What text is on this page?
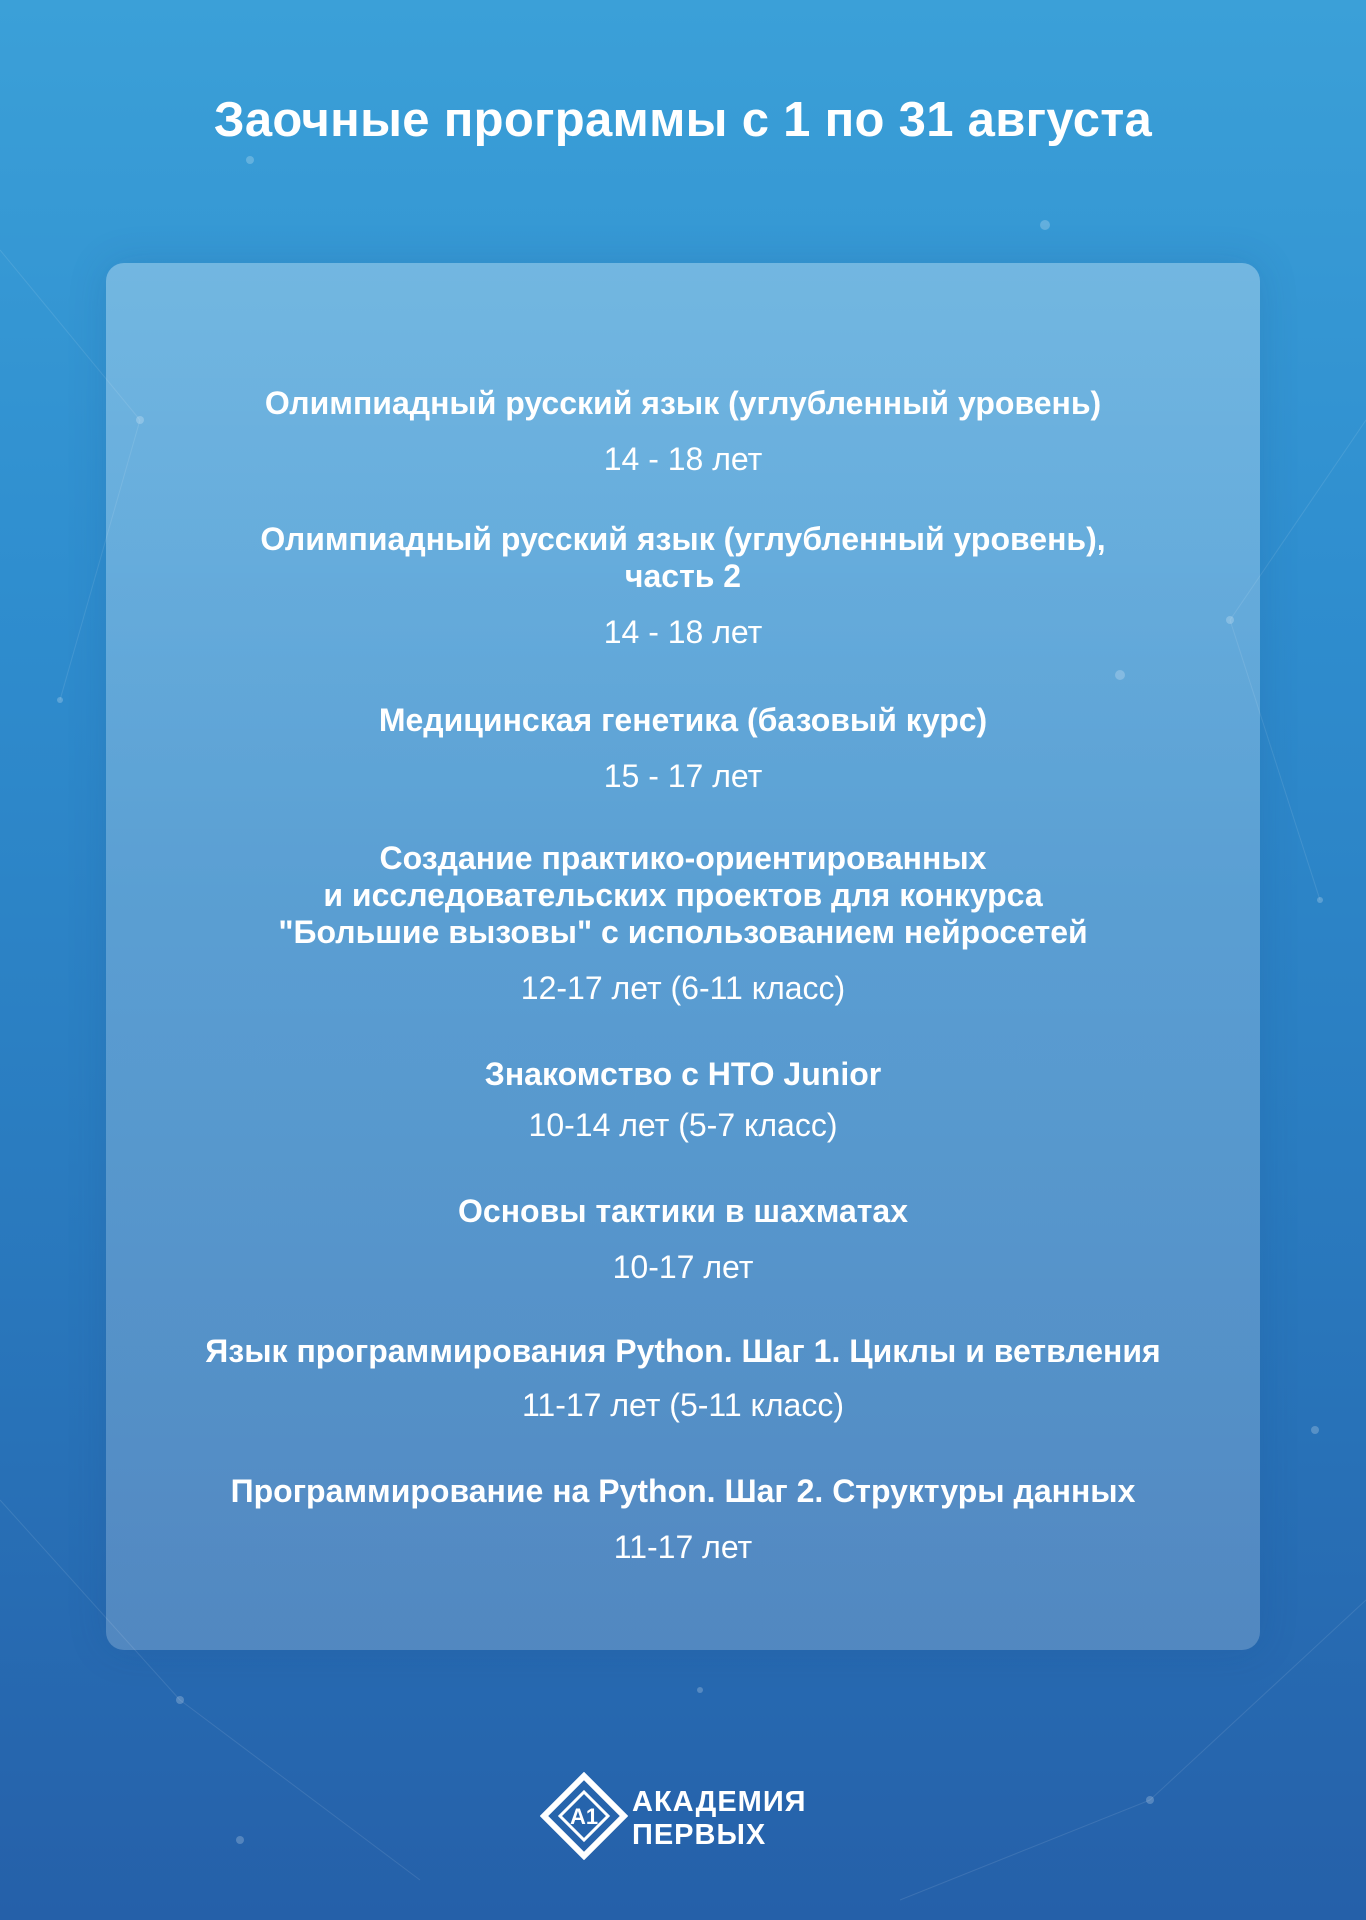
Заочные программы с 1 по 31 августа

Олимпиадный русский язык (углубленный уровень)

14 - 18 лет

Олимпиадный русский язык (углубленный уровень),

часть 2

14 - 18 лет

Медицинская генетика (базовый курс)

15 - 17 лет

Создание практико-ориентированных

и исследовательских проектов для конкурса

"Большие вызовы" с использованием нейросетей

12-17 лет (6-11 класс)

Знакомство с НТО Junior

10-14 лет (5-7 класс)

Основы тактики в шахматах

10-17 лет

Язык программирования Python. Шаг 1. Циклы и ветвления

11-17 лет (5-11 класс)

Программирование на Python. Шаг 2. Структуры данных

11-17 лет

A1 АКАДЕМИЯ
ПЕРВЫХ
